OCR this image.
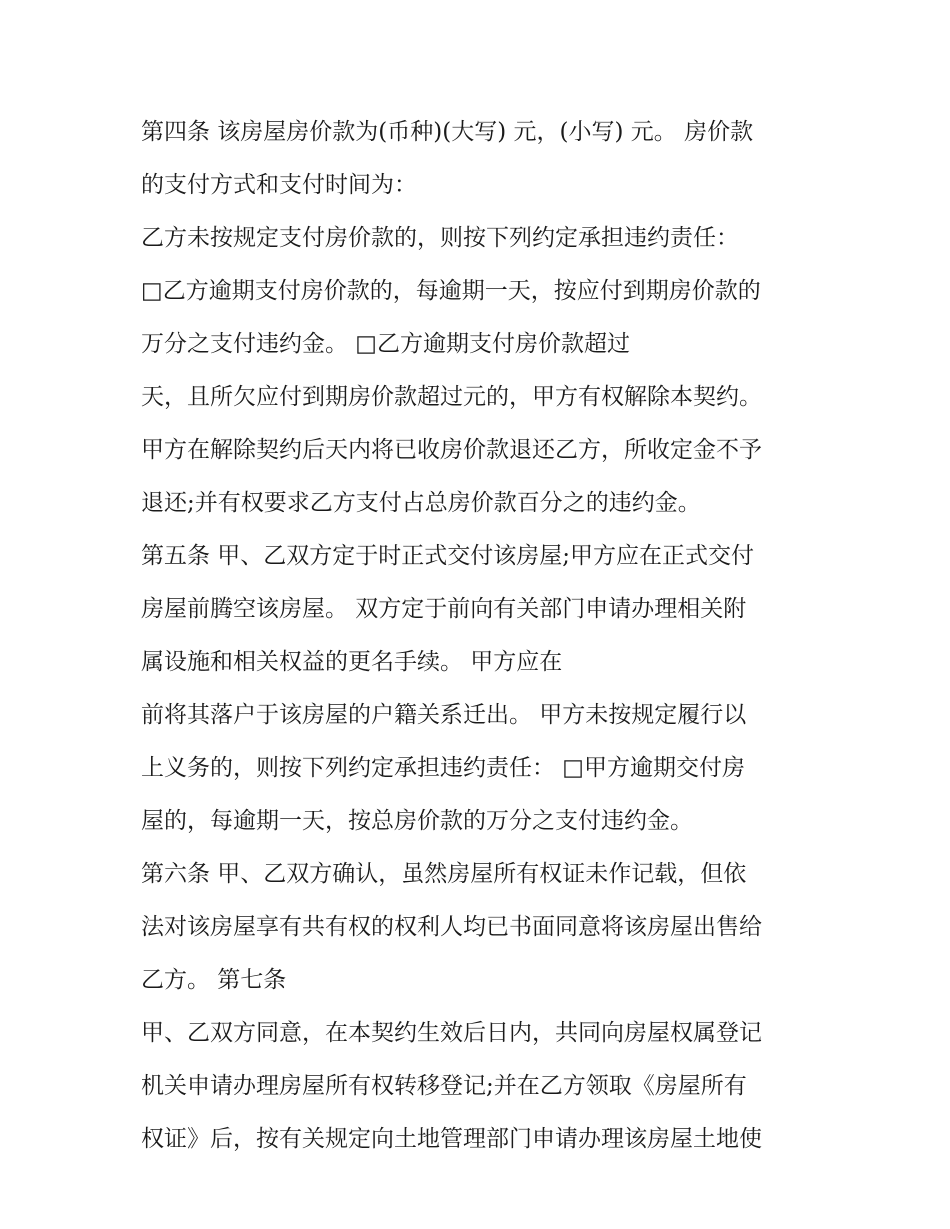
第四条 该房屋房价款为(币种)(大写) 元，(小写) 元。 房价款
的支付方式和支付时间为：
乙方未按规定支付房价款的，则按下列约定承担违约责任：
□乙方逾期支付房价款的，每逾期一天，按应付到期房价款的
万分之支付违约金。 □乙方逾期支付房价款超过
天，且所欠应付到期房价款超过元的，甲方有权解除本契约。
甲方在解除契约后天内将已收房价款退还乙方，所收定金不予
退还;并有权要求乙方支付占总房价款百分之的违约金。
第五条 甲、乙双方定于时正式交付该房屋;甲方应在正式交付
房屋前腾空该房屋。 双方定于前向有关部门申请办理相关附
属设施和相关权益的更名手续。 甲方应在
前将其落户于该房屋的户籍关系迁出。 甲方未按规定履行以
上义务的，则按下列约定承担违约责任： □甲方逾期交付房
屋的，每逾期一天，按总房价款的万分之支付违约金。
第六条 甲、乙双方确认，虽然房屋所有权证未作记载，但依
法对该房屋享有共有权的权利人均已书面同意将该房屋出售给
乙方。 第七条
甲、乙双方同意，在本契约生效后日内，共同向房屋权属登记
机关申请办理房屋所有权转移登记;并在乙方领取《房屋所有
权证》后，按有关规定向土地管理部门申请办理该房屋土地使
